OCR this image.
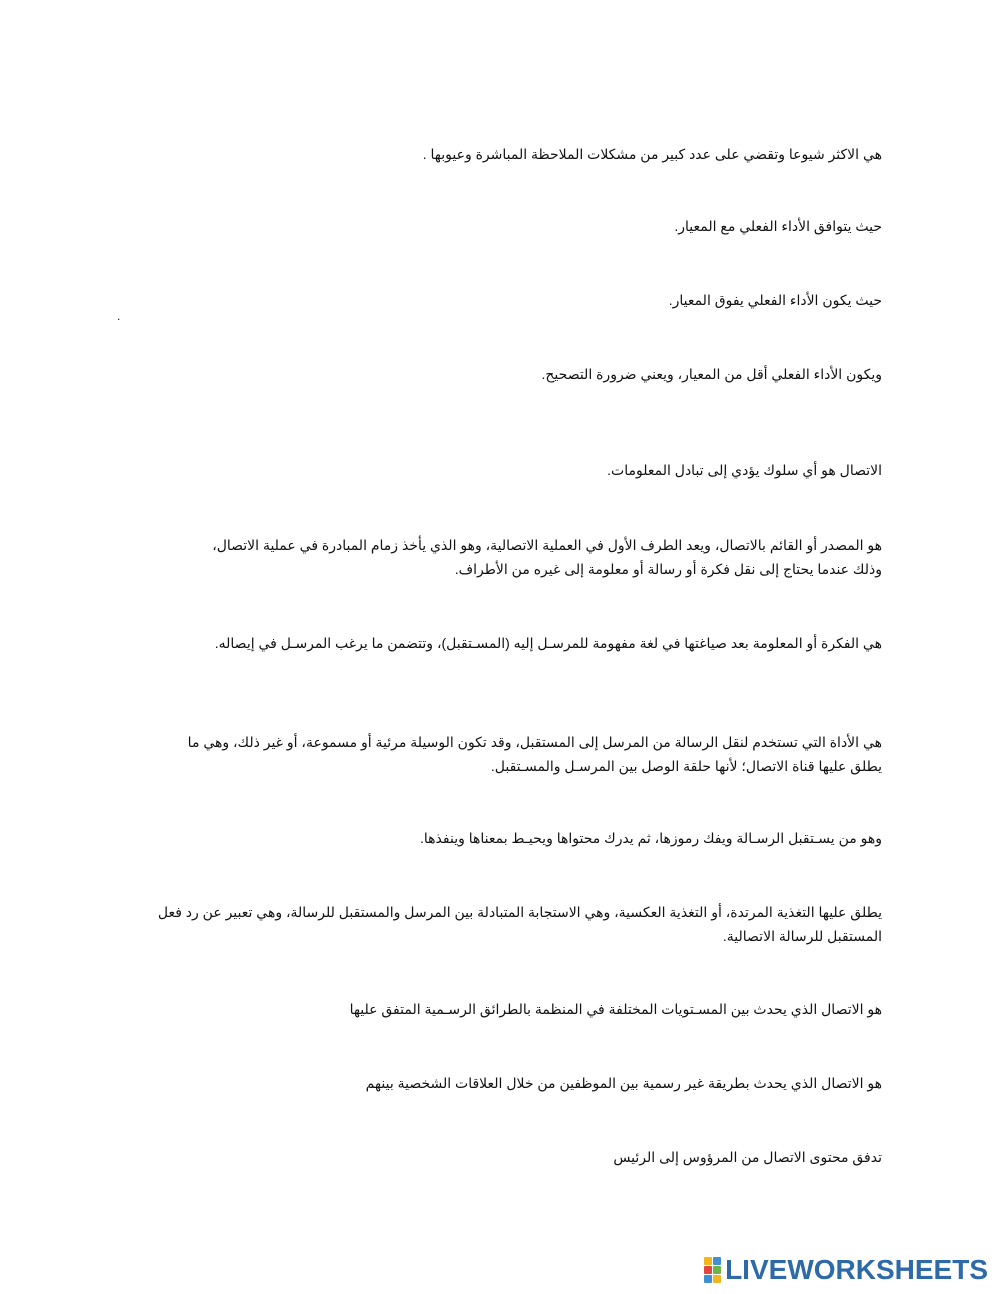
هي الاكثر شيوعا وتقضي على عدد كبير من مشكلات الملاحظة المباشرة وعيوبها .

حيث يتوافق الأداء الفعلي مع المعيار.

حيث يكون الأداء الفعلي يفوق المعيار.

ويكون الأداء الفعلي أقل من المعيار، ويعني ضرورة التصحيح.

الاتصال هو أي سلوك يؤدي إلى تبادل المعلومات.

هو المصدر أو القائم بالاتصال، ويعد الطرف الأول في العملية الاتصالية، وهو الذي يأخذ زمام المبادرة في عملية الاتصال،
وذلك عندما يحتاج إلى نقل فكرة أو رسالة أو معلومة إلى غيره من الأطراف.

هي الفكرة أو المعلومة بعد صياغتها في لغة مفهومة للمرسـل إليه (المسـتقبل)، وتتضمن ما يرغب المرسـل في إيصاله.

هي الأداة التي تستخدم لنقل الرسالة من المرسل إلى المستقبل، وقد تكون الوسيلة مرئية أو مسموعة، أو غير ذلك، وهي ما
يطلق عليها قناة الاتصال؛ لأنها حلقة الوصل بين المرسـل والمسـتقبل.

وهو من يسـتقبل الرسـالة ويفك رموزها، ثم يدرك محتواها ويحيـط بمعناها وينفذها.

يطلق عليها التغذية المرتدة، أو التغذية العكسية، وهي الاستجابة المتبادلة بين المرسل والمستقبل للرسالة، وهي تعبير عن رد فعل
المستقبل للرسالة الاتصالية.

هو الاتصال الذي يحدث بين المسـتويات المختلفة في المنظمة بالطرائق الرسـمية المتفق عليها

هو الاتصال الذي يحدث بطريقة غير رسمية بين الموظفين من خلال العلاقات الشخصية بينهم

تدفق محتوى الاتصال من المرؤوس إلى الرئيس

.
LIVEWORKSHEETS
